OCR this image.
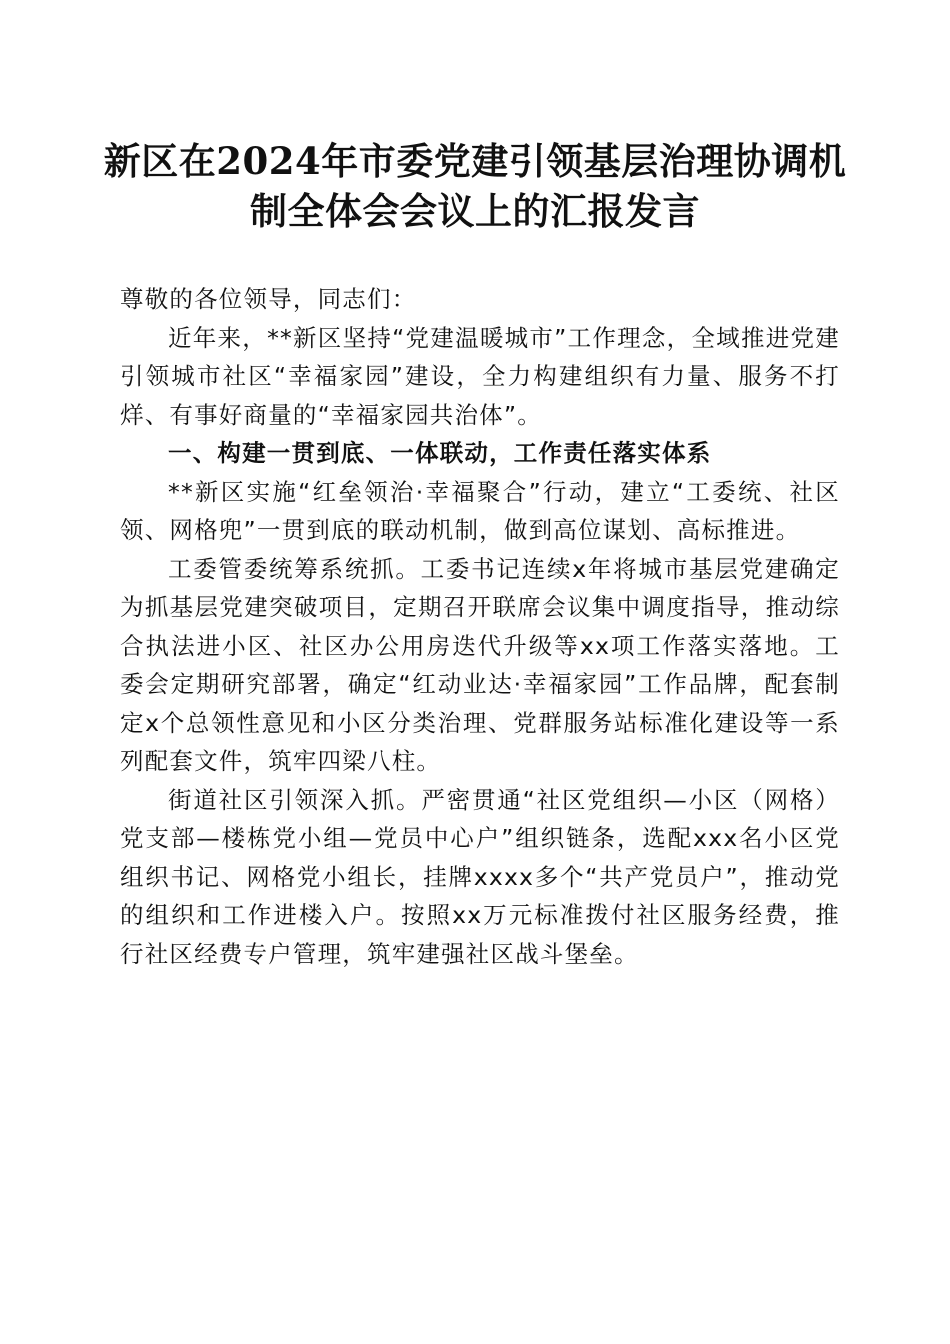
新区在2024年市委党建引领基层治理协调机
制全体会会议上的汇报发言

尊敬的各位领导，同志们：

近年来，**新区坚持“党建温暖城市”工作理念，全域推进党建引领城市社区“幸福家园”建设，全力构建组织有力量、服务不打烊、有事好商量的“幸福家园共治体”。

一、构建一贯到底、一体联动，工作责任落实体系

**新区实施“红垒领治·幸福聚合”行动，建立“工委统、社区领、网格兜”一贯到底的联动机制，做到高位谋划、高标推进。

工委管委统筹系统抓。工委书记连续x年将城市基层党建确定为抓基层党建突破项目，定期召开联席会议集中调度指导，推动综合执法进小区、社区办公用房迭代升级等xx项工作落实落地。工委会定期研究部署，确定“红动业达·幸福家园”工作品牌，配套制定x个总领性意见和小区分类治理、党群服务站标准化建设等一系列配套文件，筑牢四梁八柱。

街道社区引领深入抓。严密贯通“社区党组织—小区（网格）党支部—楼栋党小组—党员中心户”组织链条，选配xxx名小区党组织书记、网格党小组长，挂牌xxxx多个“共产党员户”，推动党的组织和工作进楼入户。按照xx万元标准拨付社区服务经费，推行社区经费专户管理，筑牢建强社区战斗堡垒。
